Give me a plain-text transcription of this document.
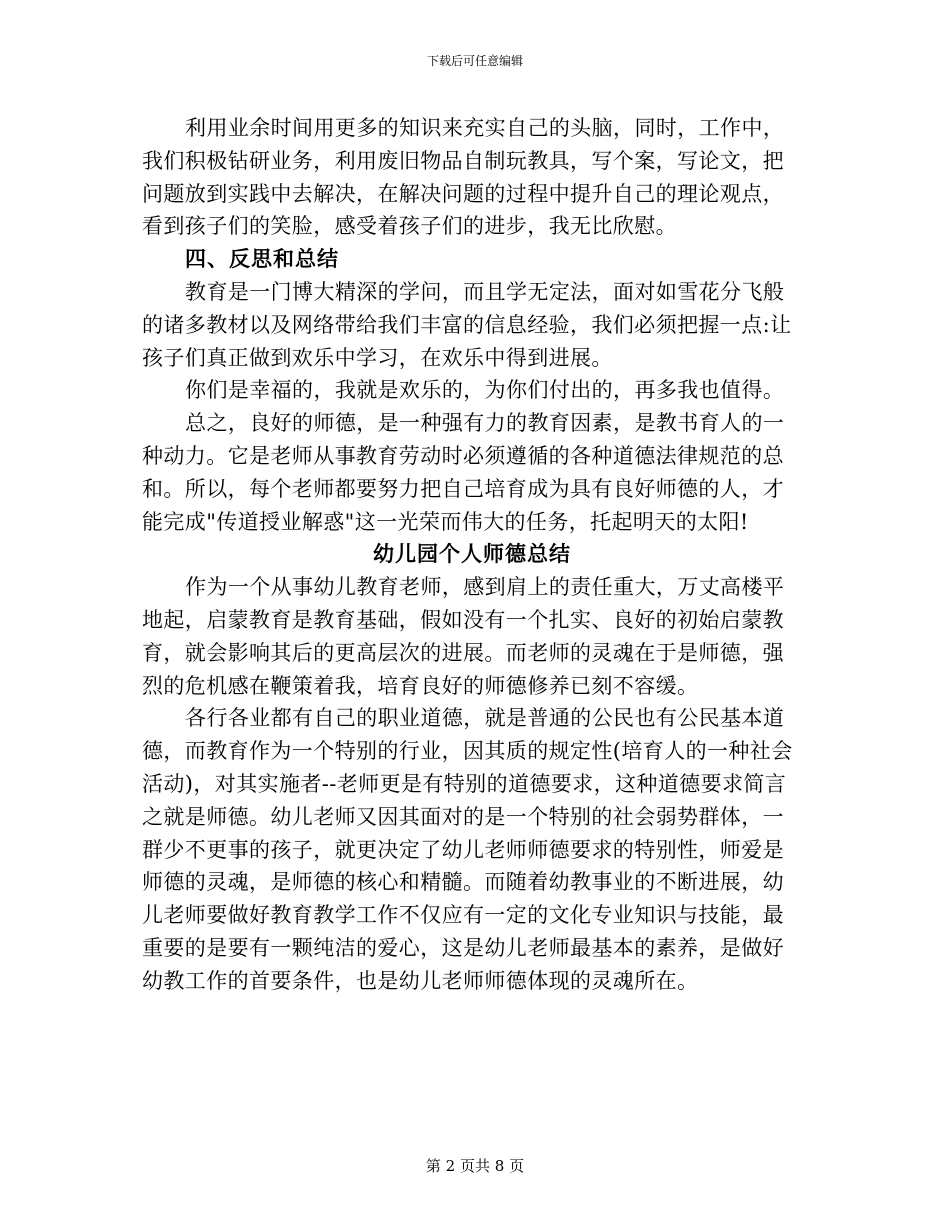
下载后可任意编辑

利用业余时间用更多的知识来充实自己的头脑，同时，工作中，
我们积极钻研业务，利用废旧物品自制玩教具，写个案，写论文，把
问题放到实践中去解决，在解决问题的过程中提升自己的理论观点，
看到孩子们的笑脸，感受着孩子们的进步，我无比欣慰。

四、反思和总结

教育是一门博大精深的学问，而且学无定法，面对如雪花分飞般
的诸多教材以及网络带给我们丰富的信息经验，我们必须把握一点:让
孩子们真正做到欢乐中学习，在欢乐中得到进展。

你们是幸福的，我就是欢乐的，为你们付出的，再多我也值得。

总之，良好的师德，是一种强有力的教育因素，是教书育人的一
种动力。它是老师从事教育劳动时必须遵循的各种道德法律规范的总
和。所以，每个老师都要努力把自己培育成为具有良好师德的人，才
能完成"传道授业解惑"这一光荣而伟大的任务，托起明天的太阳!

幼儿园个人师德总结

作为一个从事幼儿教育老师，感到肩上的责任重大，万丈高楼平
地起，启蒙教育是教育基础，假如没有一个扎实、良好的初始启蒙教
育，就会影响其后的更高层次的进展。而老师的灵魂在于是师德，强
烈的危机感在鞭策着我，培育良好的师德修养已刻不容缓。

各行各业都有自己的职业道德，就是普通的公民也有公民基本道
德，而教育作为一个特别的行业，因其质的规定性(培育人的一种社会
活动)，对其实施者--老师更是有特别的道德要求，这种道德要求简言
之就是师德。幼儿老师又因其面对的是一个特别的社会弱势群体，一
群少不更事的孩子，就更决定了幼儿老师师德要求的特别性，师爱是
师德的灵魂，是师德的核心和精髓。而随着幼教事业的不断进展，幼
儿老师要做好教育教学工作不仅应有一定的文化专业知识与技能，最
重要的是要有一颗纯洁的爱心，这是幼儿老师最基本的素养，是做好
幼教工作的首要条件，也是幼儿老师师德体现的灵魂所在。

第 2 页共 8 页
